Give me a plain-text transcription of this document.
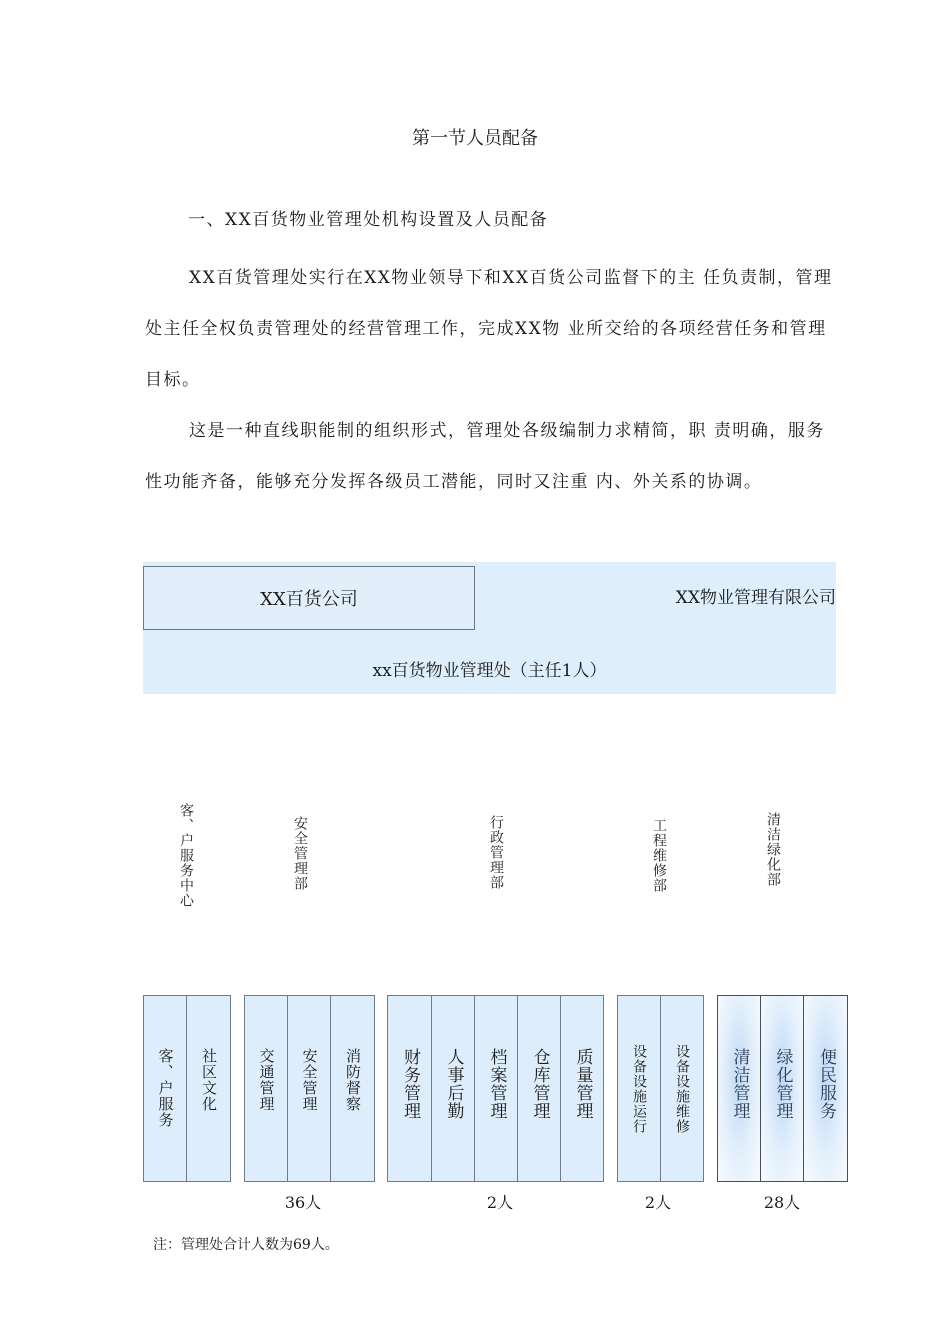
第一节人员配备
一、XX百货物业管理处机构设置及人员配备
XX百货管理处实行在XX物业领导下和XX百货公司监督下的主 任负责制，管理处主任全权负责管理处的经营管理工作，完成XX物 业所交给的各项经营任务和管理目标。
这是一种直线职能制的组织形式，管理处各级编制力求精简，职 责明确，服务性功能齐备，能够充分发挥各级员工潜能，同时又注重 内、外关系的协调。
XX百货公司	XX物业管理有限公司
xx百货物业管理处（主任1人）
客、户服务中心	安全管理部	行政管理部	工程维修部	清洁绿化部
客、户服务 社区文化	交通管理 安全管理 消防督察 财务管理 人事后勤 档案管理 仓库管理 质量管理	设备设施运行 设备设施维修 清洁管理 绿化管理 便民服务
36人	2人	2人	28人
注：管理处合计人数为69人。
